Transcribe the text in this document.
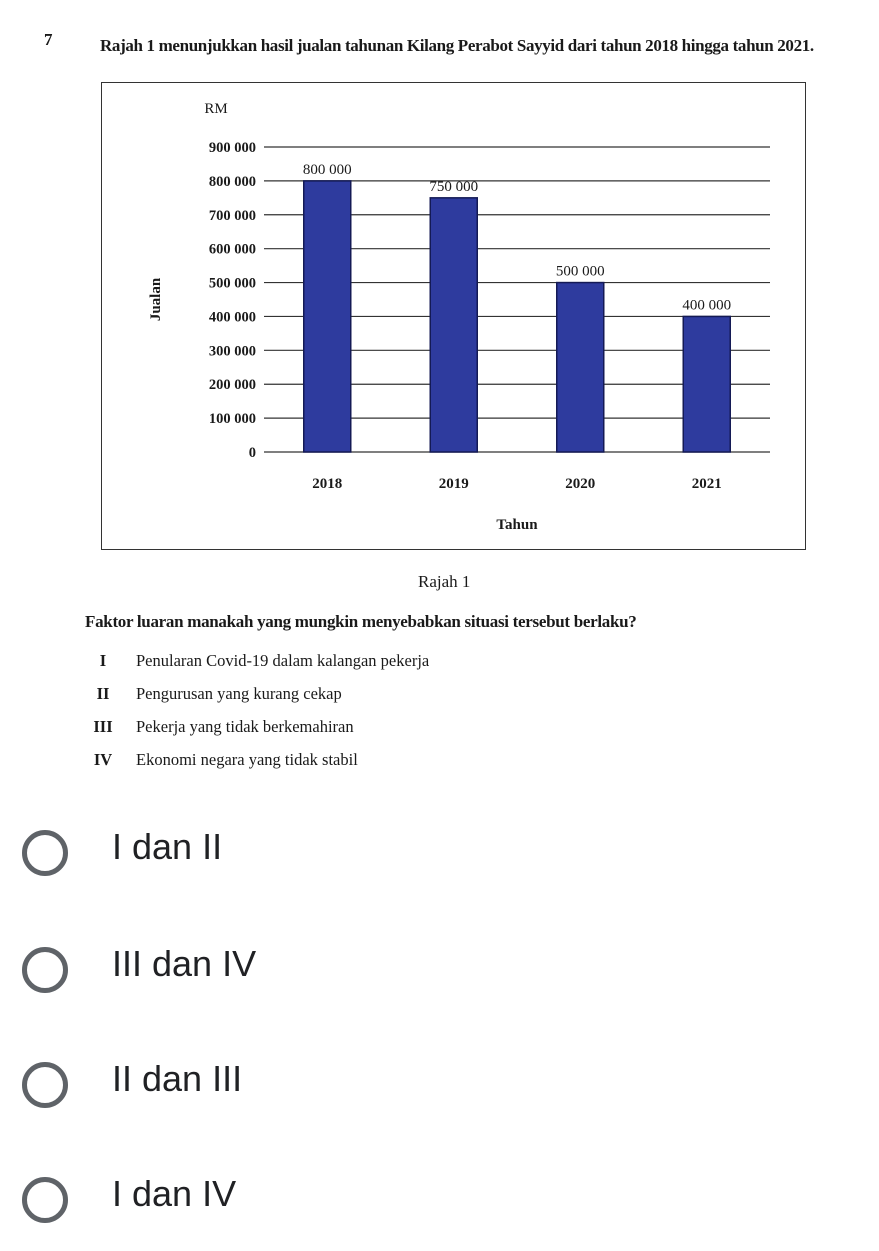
7	Rajah 1 menunjukkan hasil jualan tahunan Kilang Perabot Sayyid dari tahun 2018 hingga tahun 2021.
RM
Jualan
0
100 000
200 000
300 000
400 000
500 000
600 000
700 000
800 000
900 000
800 000
2018
750 000
2019
500 000
2020
400 000
2021
Tahun
Rajah 1
Faktor luaran manakah yang mungkin menyebabkan situasi tersebut berlaku?
I	Penularan Covid-19 dalam kalangan pekerja
II	Pengurusan yang kurang cekap
III	Pekerja yang tidak berkemahiran
IV	Ekonomi negara yang tidak stabil
I dan II
III dan IV
II dan III
I dan IV
